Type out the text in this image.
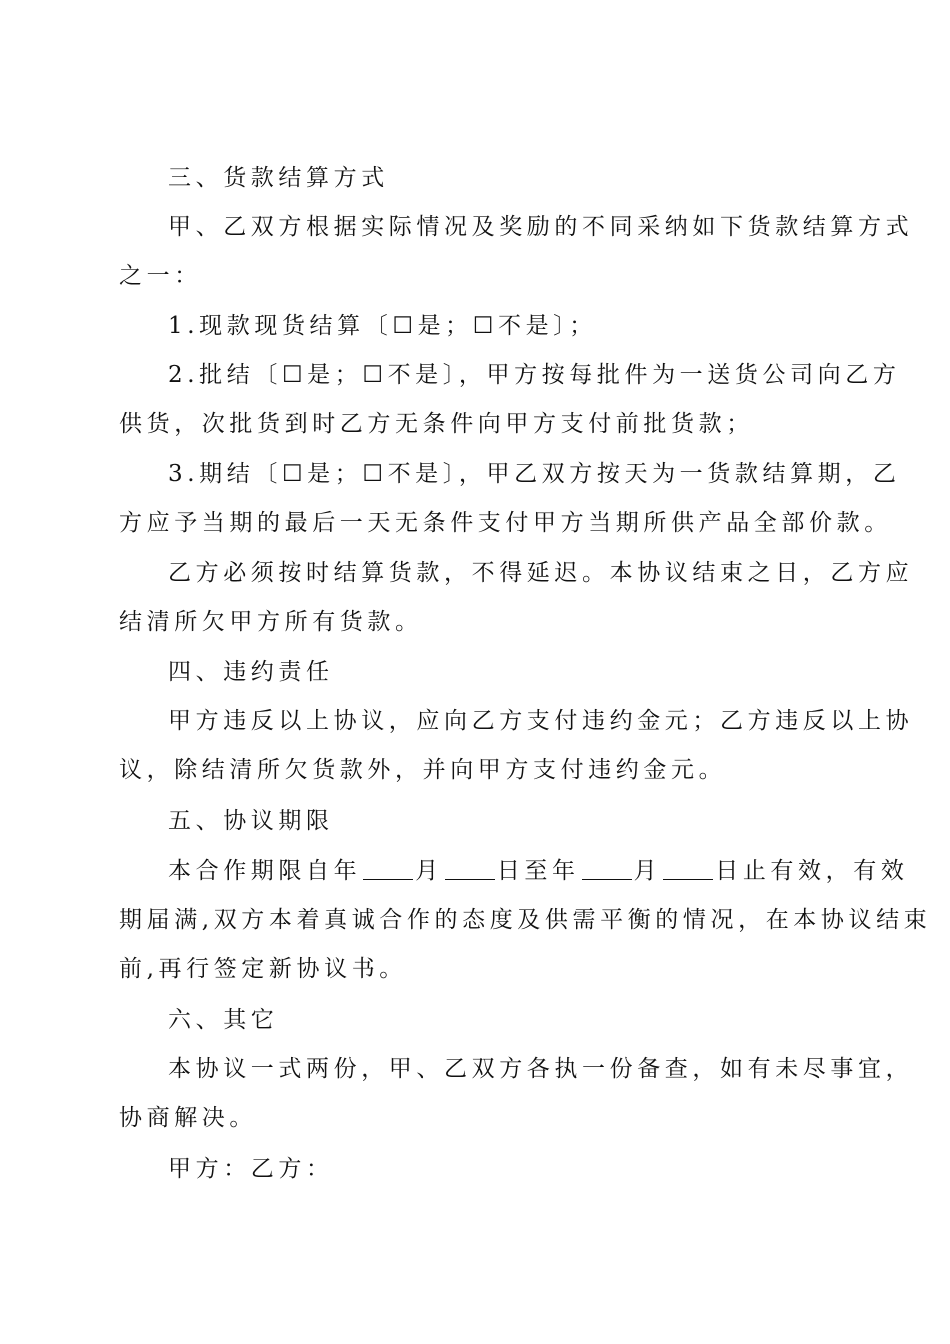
三、货款结算方式

甲、乙双方根据实际情况及奖励的不同采纳如下货款结算方式
之一：

1.现款现货结算〔☐是；☐不是〕；

2.批结〔☐是；☐不是〕，甲方按每批件为一送货公司向乙方
供货，次批货到时乙方无条件向甲方支付前批货款；

3.期结〔☐是；☐不是〕，甲乙双方按天为一货款结算期，乙
方应予当期的最后一天无条件支付甲方当期所供产品全部价款。

乙方必须按时结算货款，不得延迟。本协议结束之日，乙方应
结清所欠甲方所有货款。

四、违约责任

甲方违反以上协议，应向乙方支付违约金元；乙方违反以上协
议，除结清所欠货款外，并向甲方支付违约金元。

五、协议期限

本合作期限自年 月 日至年 月 日止有效，有效
期届满,双方本着真诚合作的态度及供需平衡的情况，在本协议结束
前,再行签定新协议书。

六、其它

本协议一式两份，甲、乙双方各执一份备查，如有未尽事宜，
协商解决。

甲方：乙方：
